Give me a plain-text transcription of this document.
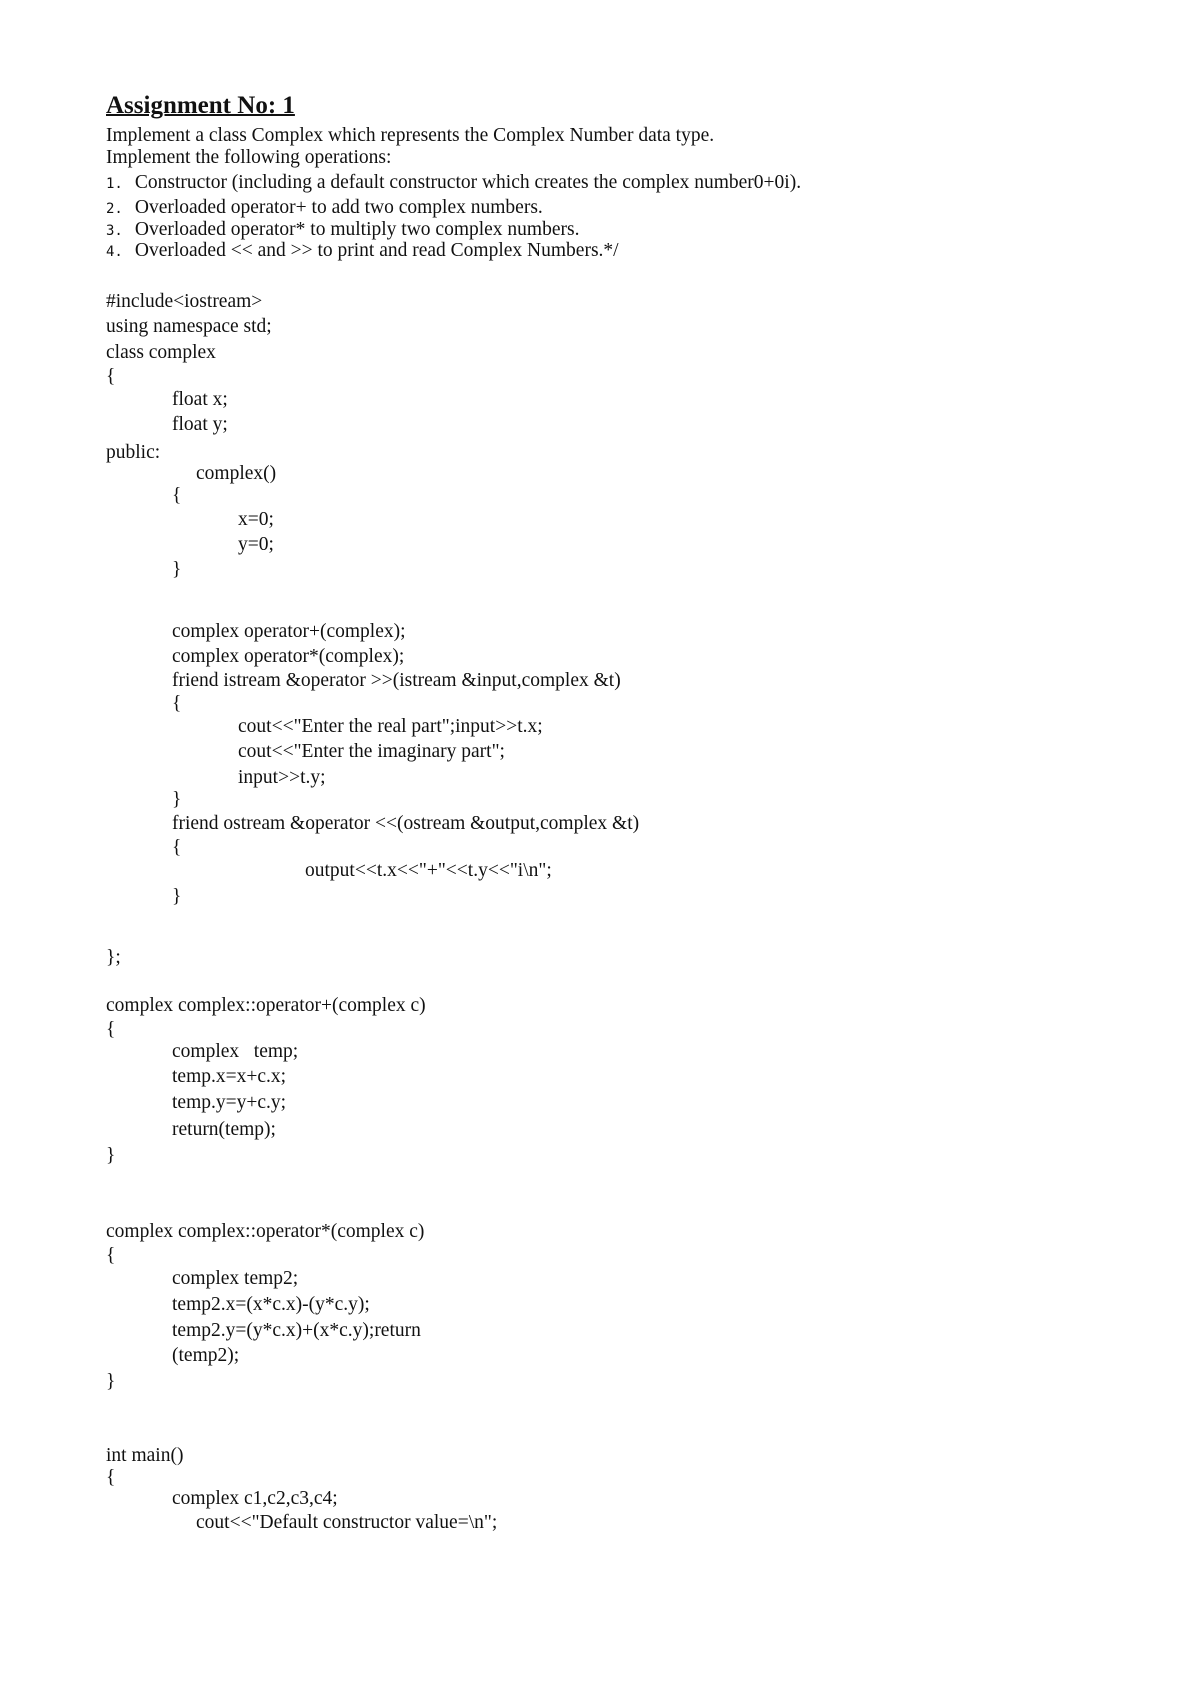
Assignment No: 1
Implement a class Complex which represents the Complex Number data type.
Implement the following operations:
1. Constructor (including a default constructor which creates the complex number0+0i).
2. Overloaded operator+ to add two complex numbers.
3. Overloaded operator* to multiply two complex numbers.
4. Overloaded << and >> to print and read Complex Numbers.*/
#include<iostream>
using namespace std;
class complex
{
float x;
float y;
public:
complex()
{
x=0;
y=0;
}
complex operator+(complex);
complex operator*(complex);
friend istream &operator >>(istream &input,complex &t)
{
cout<<"Enter the real part";input>>t.x;
cout<<"Enter the imaginary part";
input>>t.y;
}
friend ostream &operator <<(ostream &output,complex &t)
{
output<<t.x<<"+"<<t.y<<"i\n";
}
};
complex complex::operator+(complex c)
{
complex   temp;
temp.x=x+c.x;
temp.y=y+c.y;
return(temp);
}
complex complex::operator*(complex c)
{
complex temp2;
temp2.x=(x*c.x)-(y*c.y);
temp2.y=(y*c.x)+(x*c.y);return
(temp2);
}
int main()
{
complex c1,c2,c3,c4;
cout<<"Default constructor value=\n";
